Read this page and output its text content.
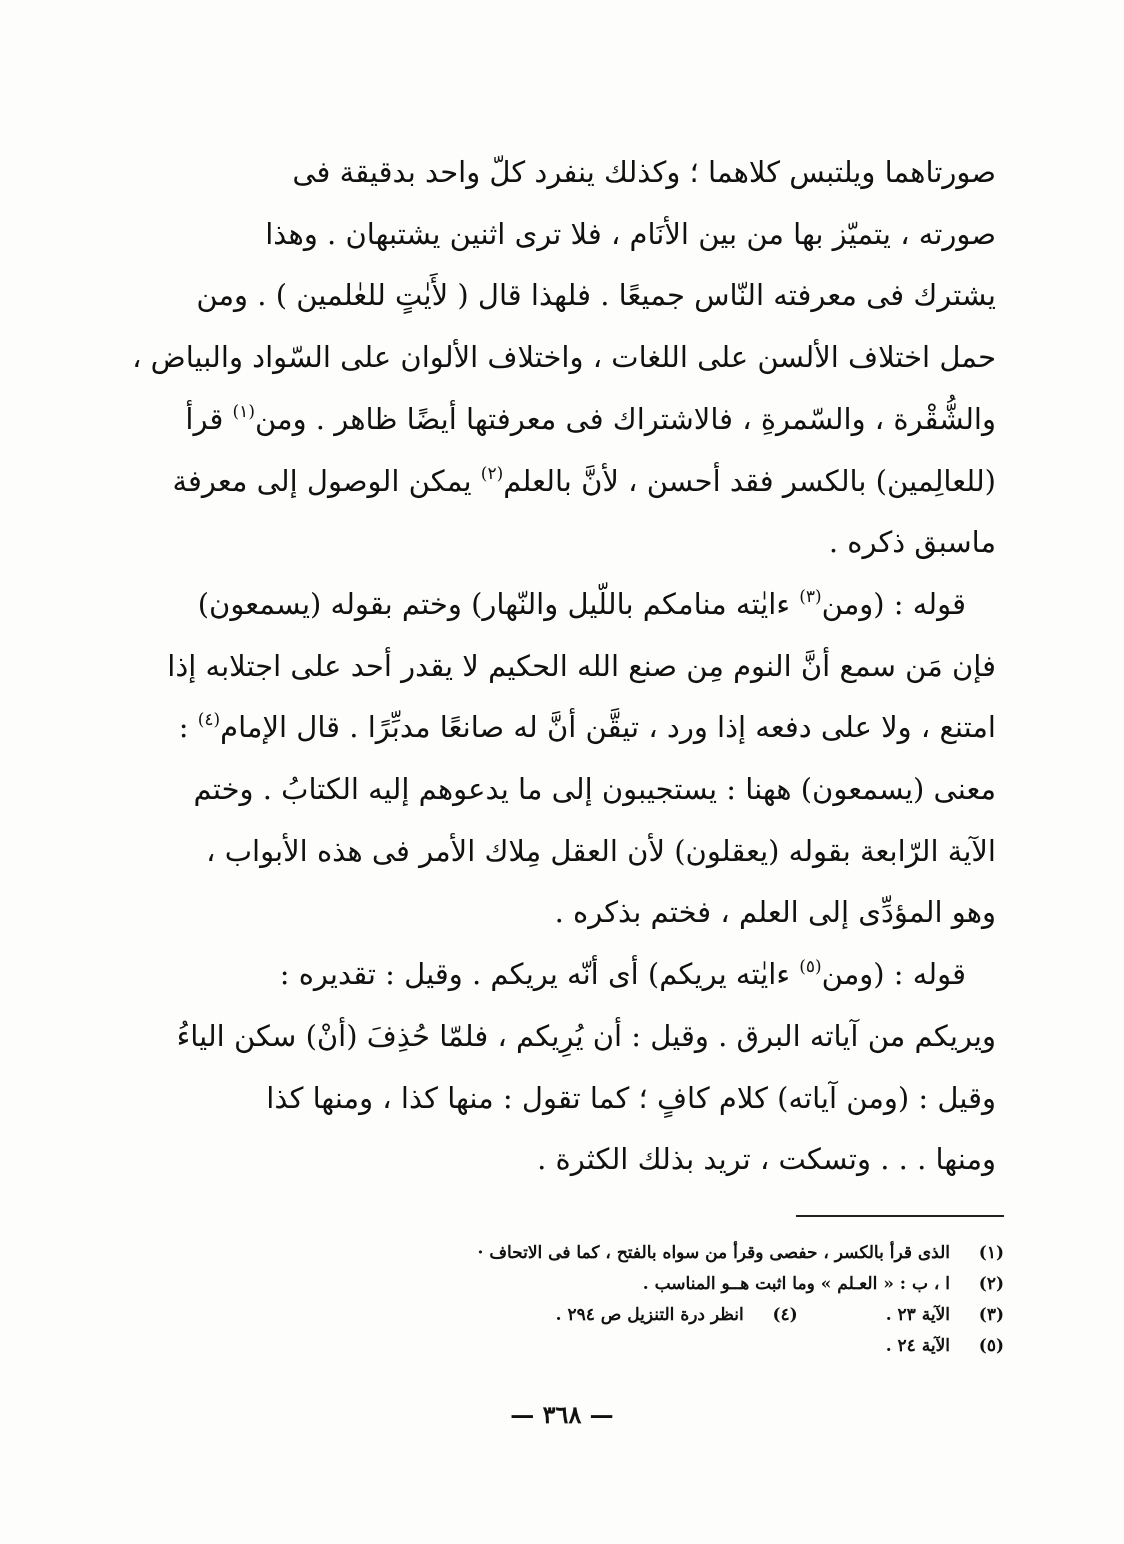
صورتاهما ويلتبس كلاهما ؛ وكذلك ينفرد كلّ واحد بدقيقة فى
صورته ، يتميّز بها من بين الأنَام ، فلا ترى اثنين يشتبهان . وهذا
يشترك فى معرفته النّاس جميعًا . فلهذا قال ( لأَيٰتٍ للعٰلمين ) . ومن
حمل اختلاف الألسن على اللغات ، واختلاف الألوان على السّواد والبياض ،
والشُّقْرة ، والسّمرةِ ، فالاشتراك فى معرفتها أيضًا ظاهر . ومن$^{(١)}$ قرأ
(للعالِمين) بالكسر فقد أحسن ، لأنَّ بالعلم$^{(٢)}$ يمكن الوصول إلى معرفة
ماسبق ذكره .

قوله : (ومن$^{(٣)}$ ءايٰته منامكم باللّيل والنّهار) وختم بقوله (يسمعون)
فإن مَن سمع أنَّ النوم مِن صنع الله الحكيم لا يقدر أحد على اجتلابه إذا
امتنع ، ولا على دفعه إذا ورد ، تيقَّن أنَّ له صانعًا مدبِّرًا . قال الإمام$^{(٤)}$ :
معنى (يسمعون) ههنا : يستجيبون إلى ما يدعوهم إليه الكتابُ . وختم
الآية الرّابعة بقوله (يعقلون) لأن العقل مِلاك الأمر فى هذه الأبواب ،
وهو المؤدِّى إلى العلم ، فختم بذكره .

قوله : (ومن$^{(٥)}$ ءايٰته يريكم) أى أنّه يريكم . وقيل : تقديره :
ويريكم من آياته البرق . وقيل : أن يُرِيكم ، فلمّا حُذِفَ (أنْ) سكن الياءُ
وقيل : (ومن آياته) كلام كافٍ ؛ كما تقول : منها كذا ، ومنها كذا
ومنها . . . وتسكت ، تريد بذلك الكثرة .

(١)
الذى قرأ بالكسر ، حفصى وقرأ من سواه بالفتح ، كما فى الاتحاف ·
(٢)
ا ، ب : « العـلم » وما اثبت هــو المناسب .
(٣)
الآية ٢٣ .
(٤)
انظر درة التنزيل ص ٢٩٤ .
(٥)
الآية ٢٤ .
— ٣٦٨ —
